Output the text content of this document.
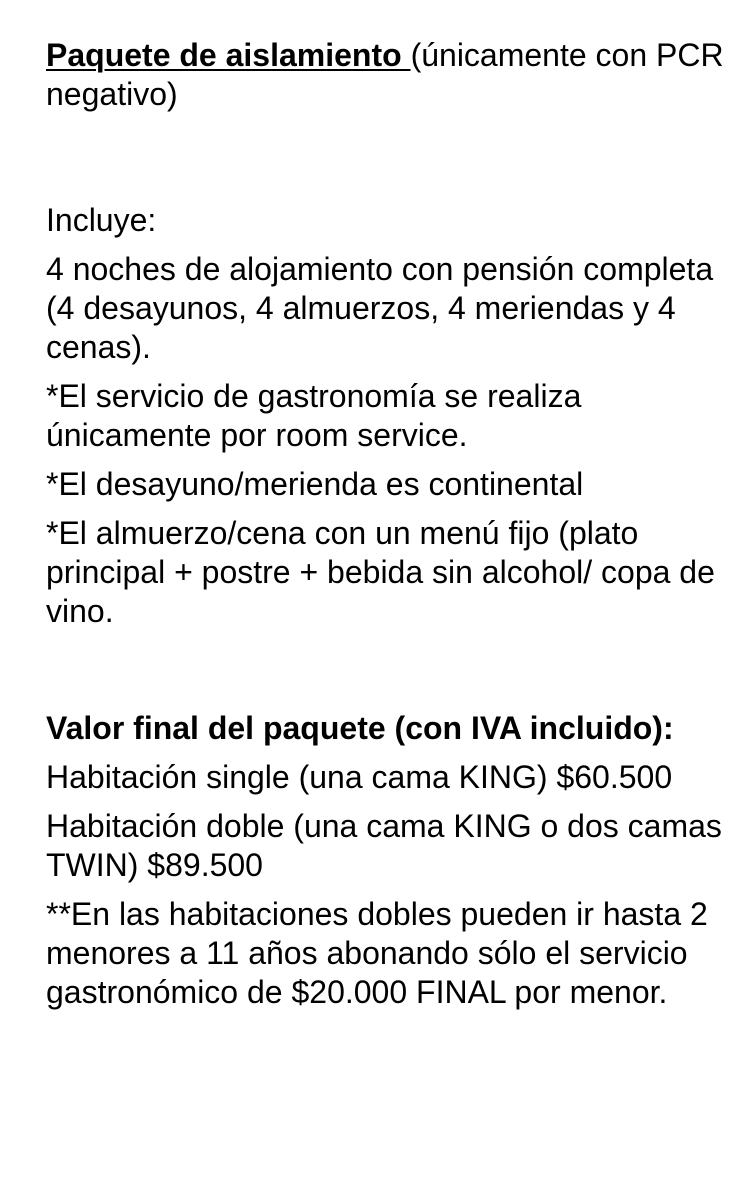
Paquete de aislamiento (únicamente con PCR negativo)

Incluye:

4 noches de alojamiento con pensión completa (4 desayunos, 4 almuerzos, 4 meriendas y 4 cenas).

*El servicio de gastronomía se realiza únicamente por room service.

*El desayuno/merienda es continental

*El almuerzo/cena con un menú fijo (plato principal + postre + bebida sin alcohol/ copa de vino.

Valor final del paquete (con IVA incluido):

Habitación single (una cama KING) $60.500

Habitación doble (una cama KING o dos camas TWIN) $89.500

**En las habitaciones dobles pueden ir hasta 2 menores a 11 años abonando sólo el servicio gastronómico de $20.000 FINAL por menor.
